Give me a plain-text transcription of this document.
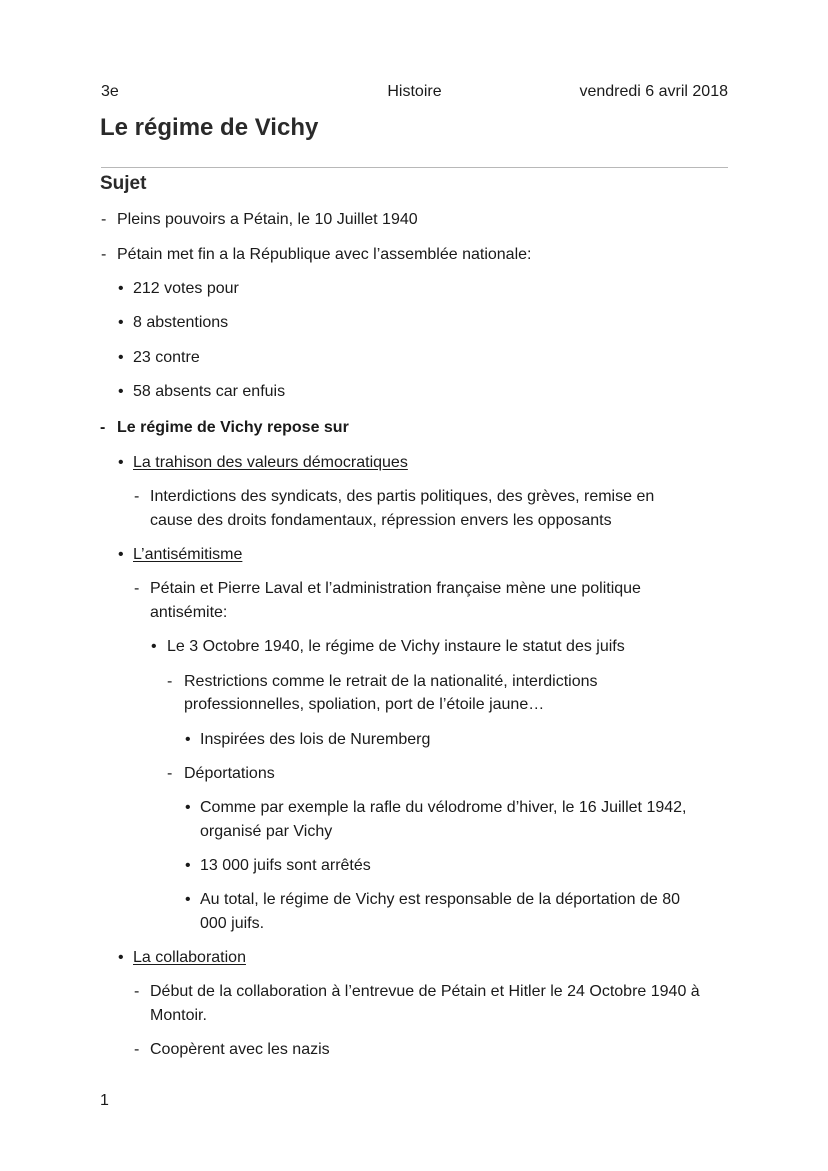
3e	Histoire	vendredi 6 avril 2018
Le régime de Vichy
Sujet
- Pleins pouvoirs a Pétain, le 10 Juillet 1940
- Pétain met fin a la République avec l’assemblée nationale:
• 212 votes pour
• 8 abstentions
• 23 contre
• 58 absents car enfuis
- Le régime de Vichy repose sur
• La trahison des valeurs démocratiques
- Interdictions des syndicats, des partis politiques, des grèves, remise en
cause des droits fondamentaux, répression envers les opposants
• L’antisémitisme
- Pétain et Pierre Laval et l’administration française mène une politique
antisémite:
• Le 3 Octobre 1940, le régime de Vichy instaure le statut des juifs
- Restrictions comme le retrait de la nationalité, interdictions
professionnelles, spoliation, port de l’étoile jaune…
• Inspirées des lois de Nuremberg
- Déportations
• Comme par exemple la rafle du vélodrome d’hiver, le 16 Juillet 1942,
organisé par Vichy
• 13 000 juifs sont arrêtés
• Au total, le régime de Vichy est responsable de la déportation de 80
000 juifs.
• La collaboration
- Début de la collaboration à l’entrevue de Pétain et Hitler le 24 Octobre 1940 à
Montoir.
- Coopèrent avec les nazis
1
